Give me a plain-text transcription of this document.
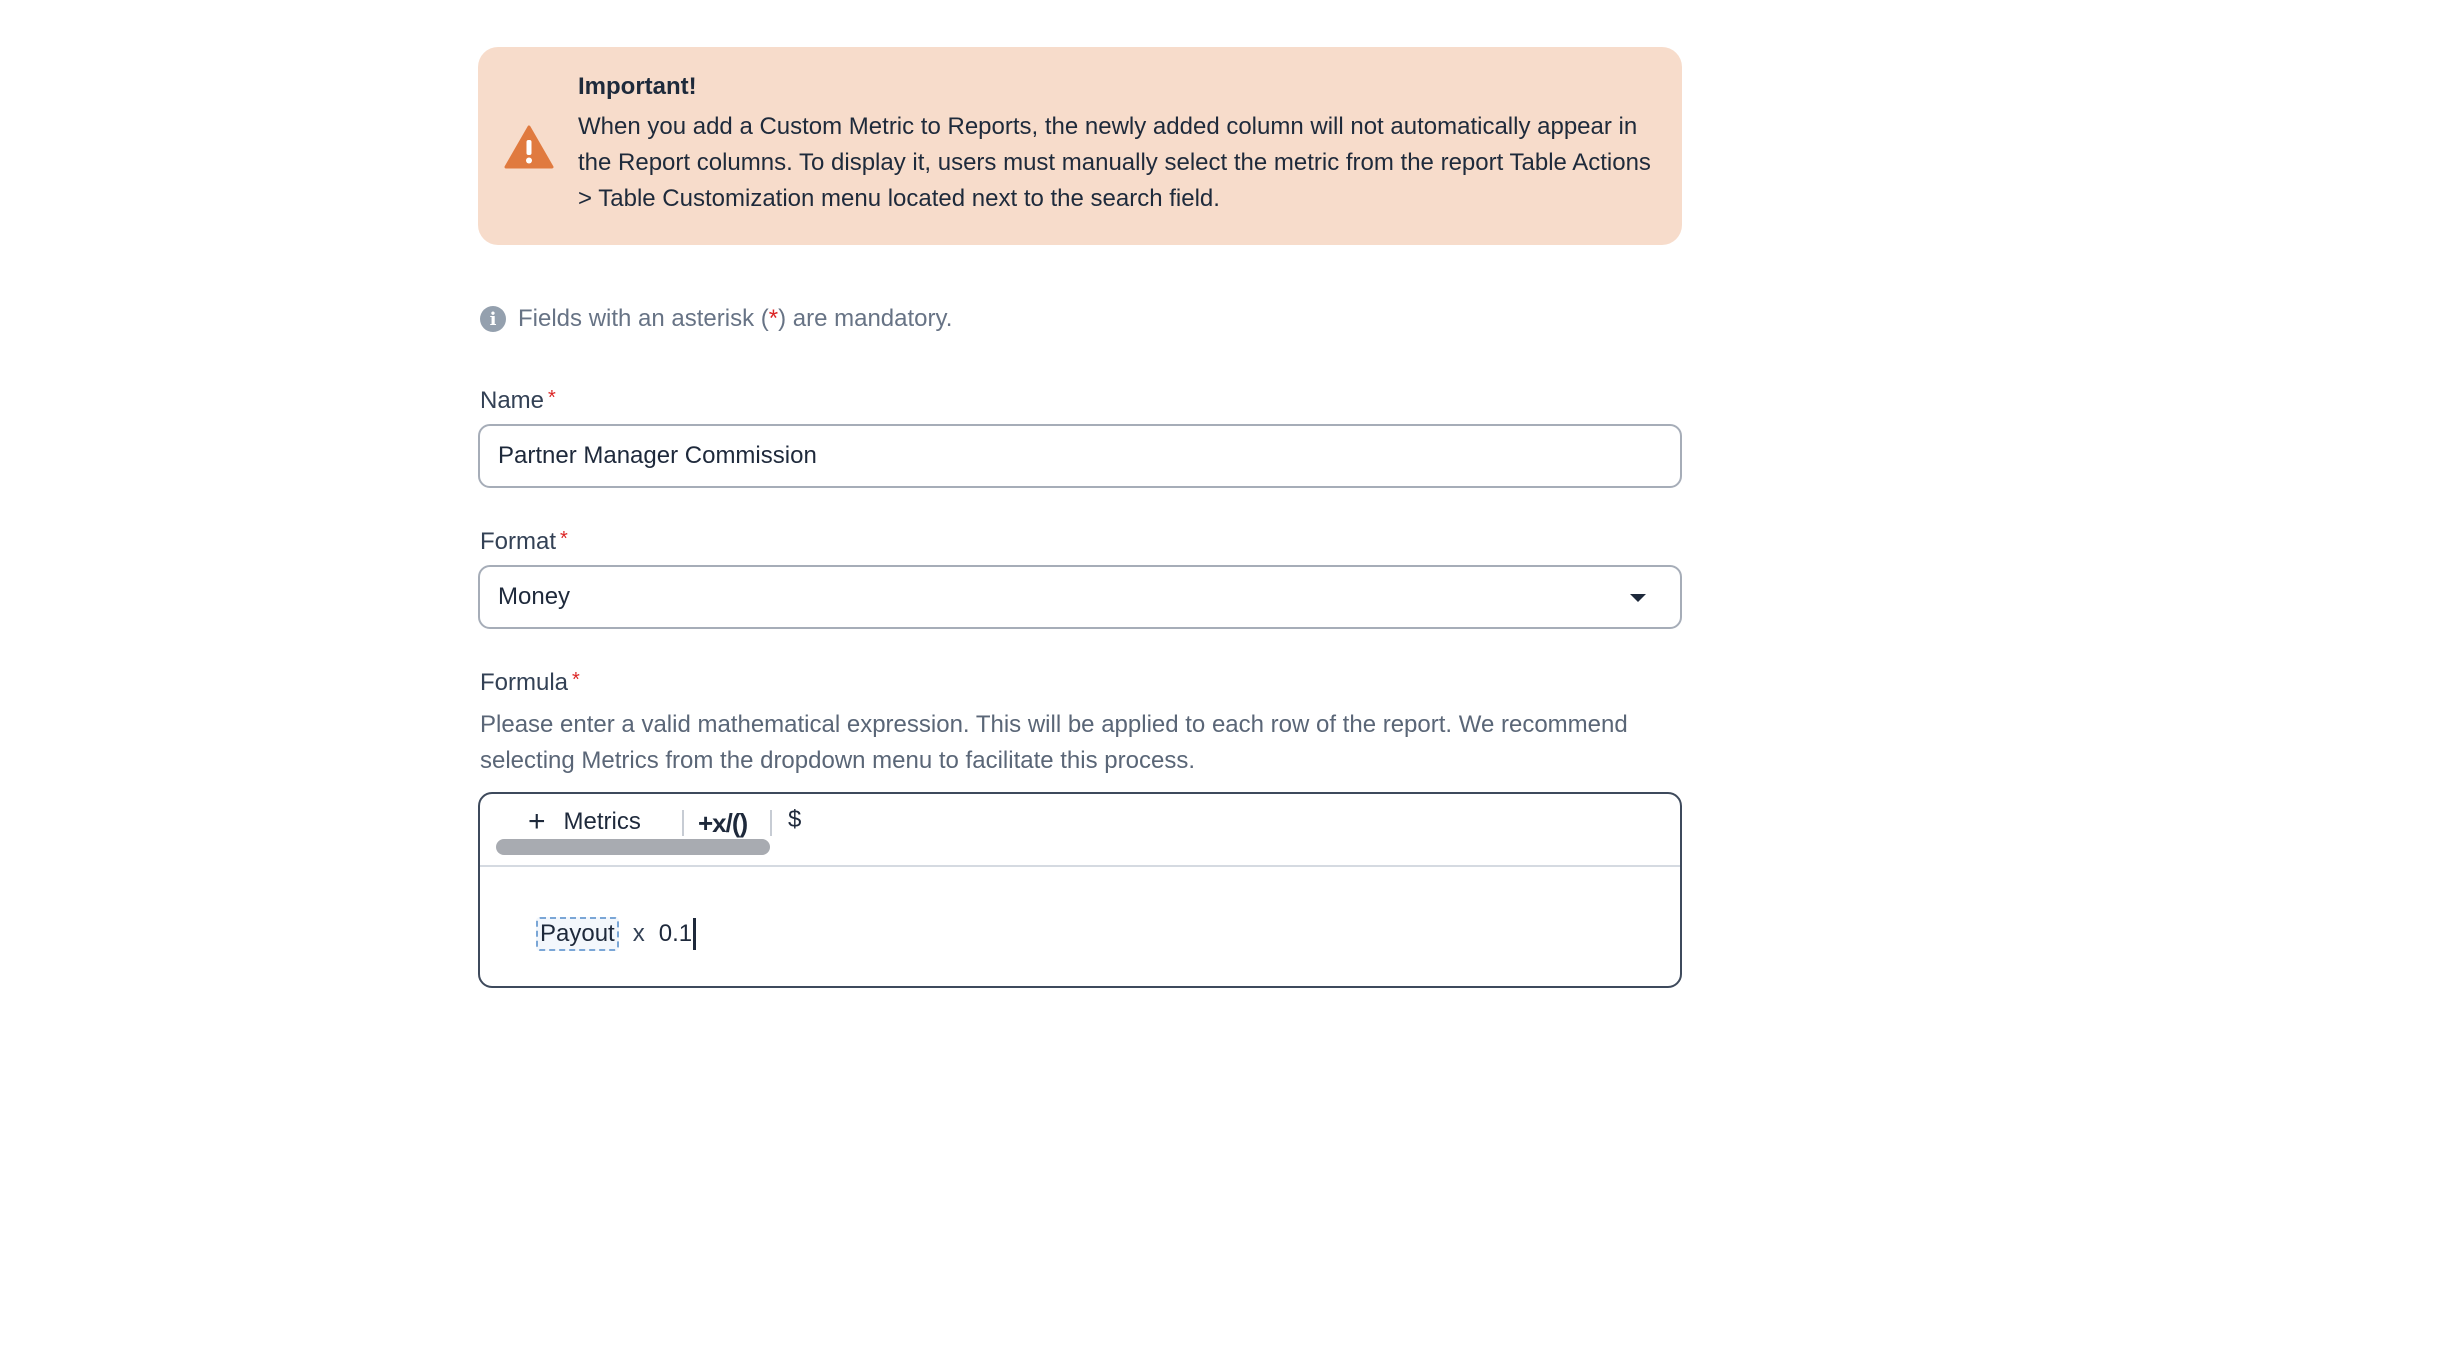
Important!
When you add a Custom Metric to Reports, the newly added column will not automatically appear in the Report columns. To display it, users must manually select the metric from the report Table Actions > Table Customization menu located next to the search field.
i Fields with an asterisk (*) are mandatory.
Name *
Partner Manager Commission
Format *
Money
Formula *
Please enter a valid mathematical expression. This will be applied to each row of the report. We recommend selecting Metrics from the dropdown menu to facilitate this process.
+ Metrics +x/() $
Payout x 0.1
